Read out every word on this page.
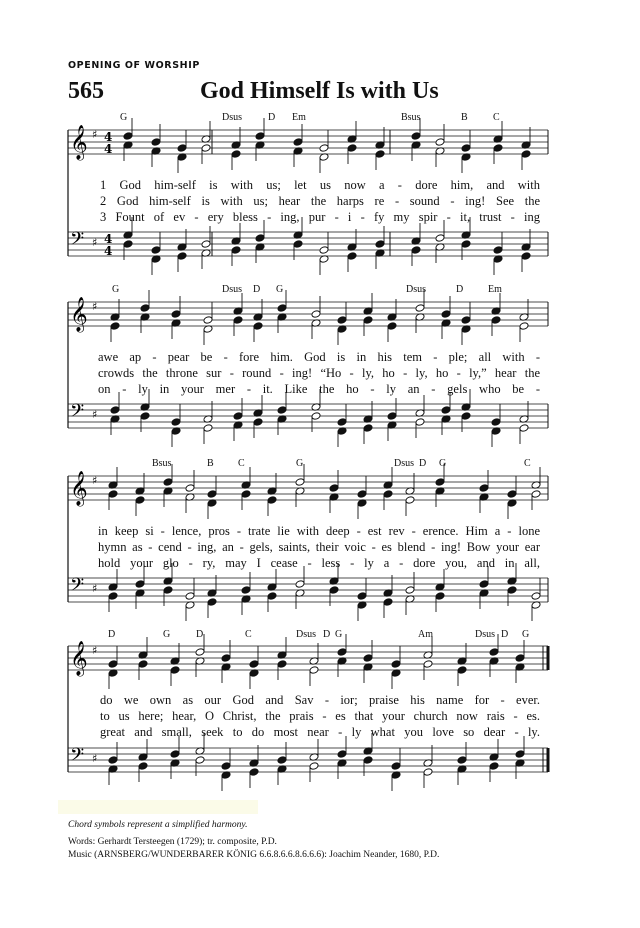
OPENING OF WORSHIP
565	God Himself Is with Us
G	Dsus	D Em	Bsus	B	C
1 God him-self is with us; let us now a - dore him, and with
2 God him-self is with us; hear the harps re - sound - ing! See the
3 Fount of ev - ery bless - ing, pur - i - fy my spir - it, trust - ing
G	Dsus D G	Dsus	D Em
awe ap - pear be - fore him. God is in his tem - ple; all with -
crowds the throne sur - round - ing! “Ho - ly, ho - ly, ho - ly,” hear the
on - ly in your mer - it. Like the ho - ly an - gels who be -
Bsus	B C	G	Dsus D G	C
in keep si - lence, pros - trate lie with deep - est rev - erence. Him a - lone
hymn as - cend - ing, an - gels, saints, their voic - es blend - ing! Bow your ear
hold your glo - ry, may I cease - less - ly a - dore you, and in all,
D	G	D	C	Dsus D G	Am	Dsus D G
do we own as our God and Sav - ior; praise his name for - ever.
to us here; hear, O Christ, the prais - es that your church now rais - es.
great and small, seek to do most near - ly what you love so dear - ly.
𝄞
𝄢
♯
♯
4
4
4
4
𝄞
𝄢
♯
♯
𝄞
𝄢
♯
♯
𝄞
𝄢
♯
♯
Chord symbols represent a simplified harmony.
Words: Gerhardt Tersteegen (1729); tr. composite, P.D.
Music (ARNSBERG/WUNDERBARER KÖNIG 6.6.8.6.6.8.6.6.6): Joachim Neander, 1680, P.D.
